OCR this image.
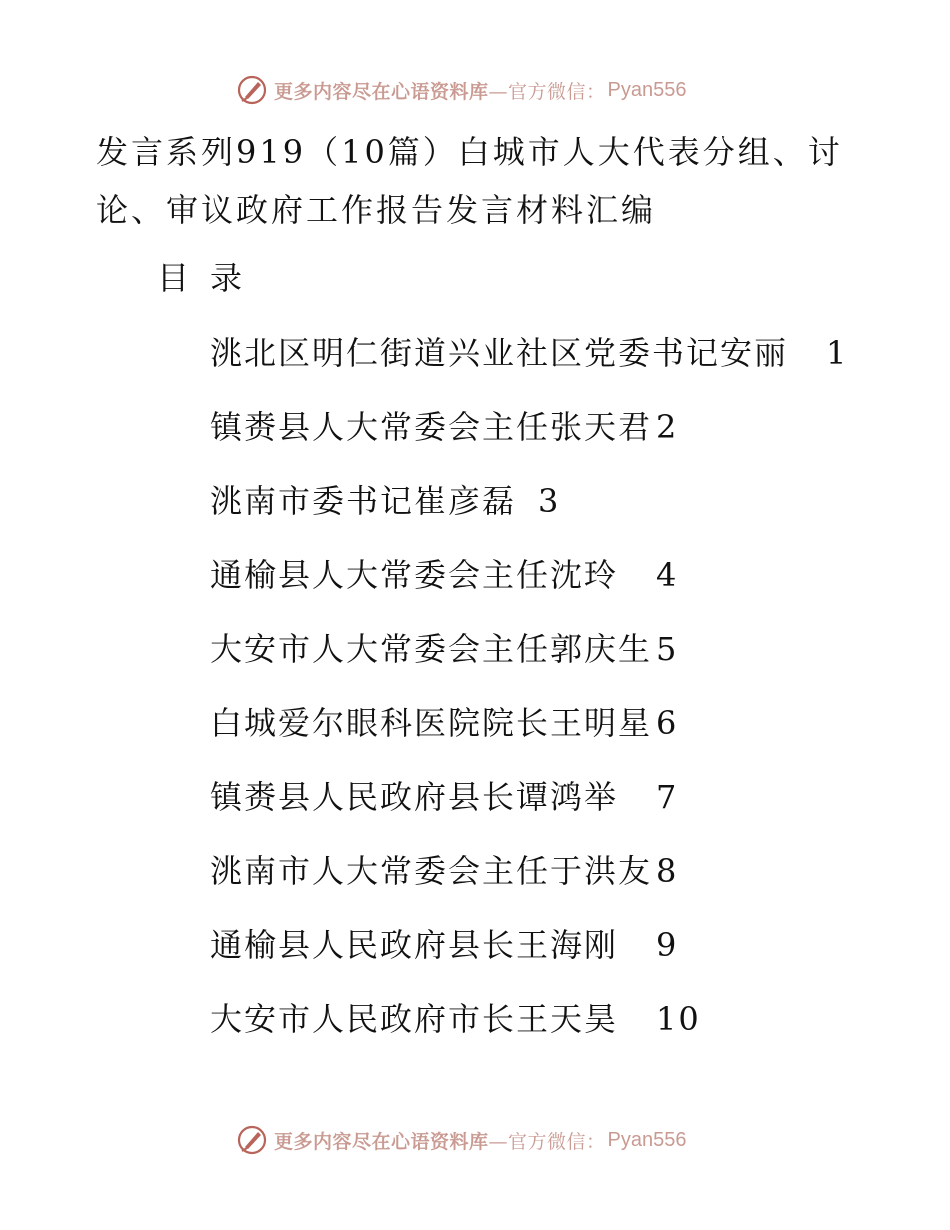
更多内容尽在心语资料库 —官方微信： Pyan556
发言系列919（10篇）白城市人大代表分组、讨论、审议政府工作报告发言材料汇编
目录
洮北区明仁街道兴业社区党委书记安丽 1
镇赉县人大常委会主任张天君 2
洮南市委书记崔彦磊 3
通榆县人大常委会主任沈玲 4
大安市人大常委会主任郭庆生 5
白城爱尔眼科医院院长王明星 6
镇赉县人民政府县长谭鸿举 7
洮南市人大常委会主任于洪友 8
通榆县人民政府县长王海刚 9
大安市人民政府市长王天昊 10
更多内容尽在心语资料库 —官方微信： Pyan556
